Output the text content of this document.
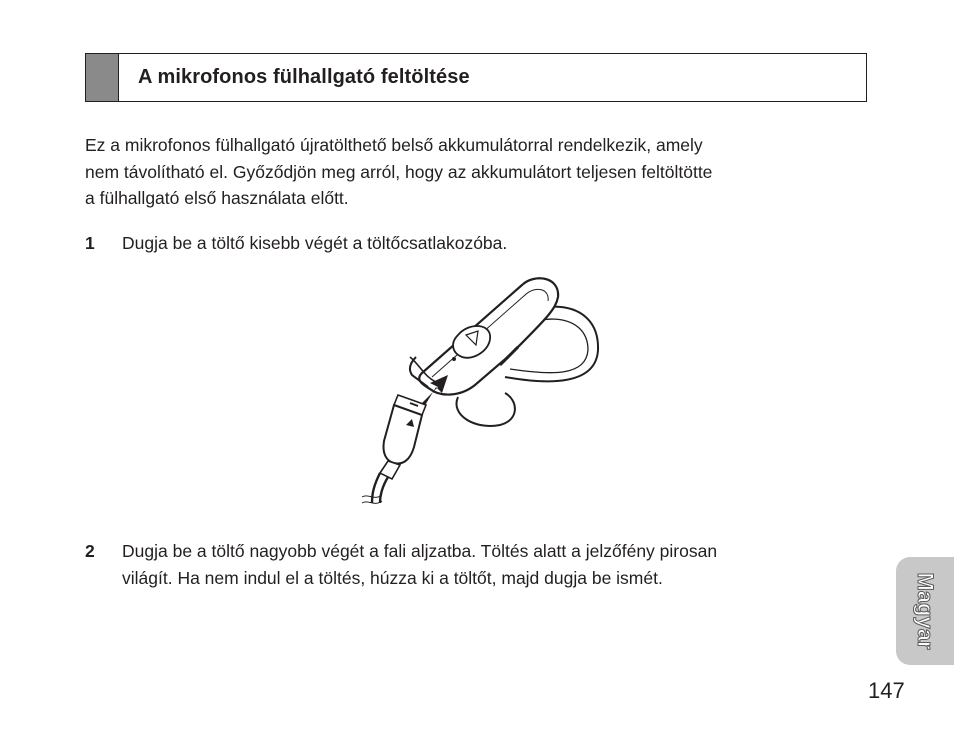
A mikrofonos fülhallgató feltöltése
Ez a mikrofonos fülhallgató újratölthető belső akkumulátorral rendelkezik, amely
nem távolítható el. Győződjön meg arról, hogy az akkumulátort teljesen feltöltötte
a fülhallgató első használata előtt.
1 Dugja be a töltő kisebb végét a töltőcsatlakozóba.
2 Dugja be a töltő nagyobb végét a fali aljzatba. Töltés alatt a jelzőfény pirosan
világít. Ha nem indul el a töltés, húzza ki a töltőt, majd dugja be ismét.	Magyar
147
